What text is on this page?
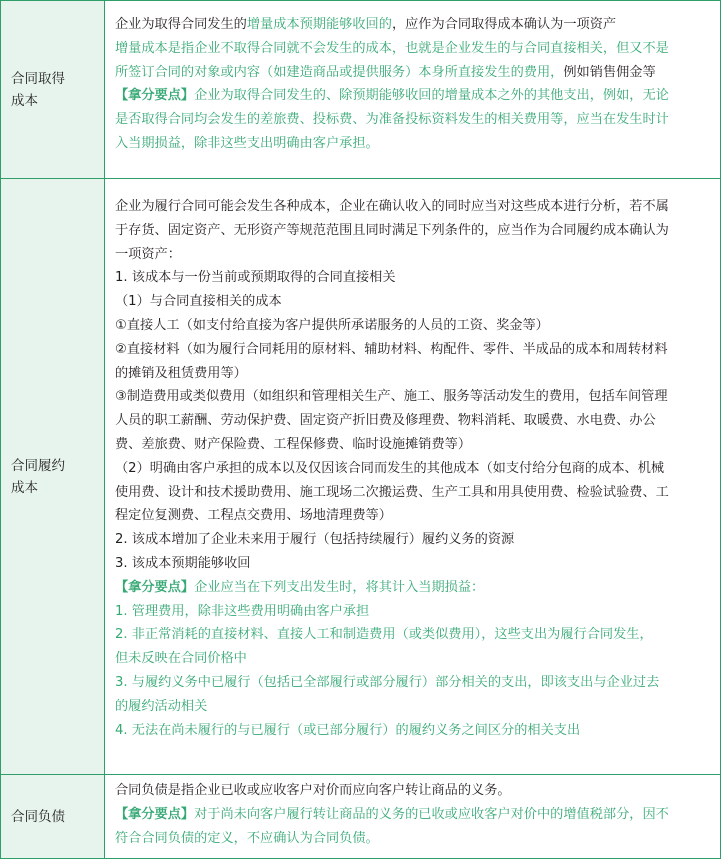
合同取得
成本
企业为取得合同发生的增量成本预期能够收回的，应作为合同取得成本确认为一项资产
增量成本是指企业不取得合同就不会发生的成本，也就是企业发生的与合同直接相关，但又不是
所签订合同的对象或内容（如建造商品或提供服务）本身所直接发生的费用，例如销售佣金等
【拿分要点】企业为取得合同发生的、除预期能够收回的增量成本之外的其他支出，例如，无论
是否取得合同均会发生的差旅费、投标费、为准备投标资料发生的相关费用等，应当在发生时计
入当期损益，除非这些支出明确由客户承担。
合同履约
成本
企业为履行合同可能会发生各种成本，企业在确认收入的同时应当对这些成本进行分析，若不属
于存货、固定资产、无形资产等规范范围且同时满足下列条件的，应当作为合同履约成本确认为
一项资产：
1. 该成本与一份当前或预期取得的合同直接相关
（1）与合同直接相关的成本
①直接人工（如支付给直接为客户提供所承诺服务的人员的工资、奖金等）
②直接材料（如为履行合同耗用的原材料、辅助材料、构配件、零件、半成品的成本和周转材料
的摊销及租赁费用等）
③制造费用或类似费用（如组织和管理相关生产、施工、服务等活动发生的费用，包括车间管理
人员的职工薪酬、劳动保护费、固定资产折旧费及修理费、物料消耗、取暖费、水电费、办公
费、差旅费、财产保险费、工程保修费、临时设施摊销费等）
（2）明确由客户承担的成本以及仅因该合同而发生的其他成本（如支付给分包商的成本、机械
使用费、设计和技术援助费用、施工现场二次搬运费、生产工具和用具使用费、检验试验费、工
程定位复测费、工程点交费用、场地清理费等）
2. 该成本增加了企业未来用于履行（包括持续履行）履约义务的资源
3. 该成本预期能够收回
【拿分要点】企业应当在下列支出发生时，将其计入当期损益：
1. 管理费用，除非这些费用明确由客户承担
2. 非正常消耗的直接材料、直接人工和制造费用（或类似费用），这些支出为履行合同发生，
但未反映在合同价格中
3. 与履约义务中已履行（包括已全部履行或部分履行）部分相关的支出，即该支出与企业过去
的履约活动相关
4. 无法在尚未履行的与已履行（或已部分履行）的履约义务之间区分的相关支出
合同负债
合同负债是指企业已收或应收客户对价而应向客户转让商品的义务。
【拿分要点】对于尚未向客户履行转让商品的义务的已收或应收客户对价中的增值税部分，因不
符合合同负债的定义，不应确认为合同负债。
